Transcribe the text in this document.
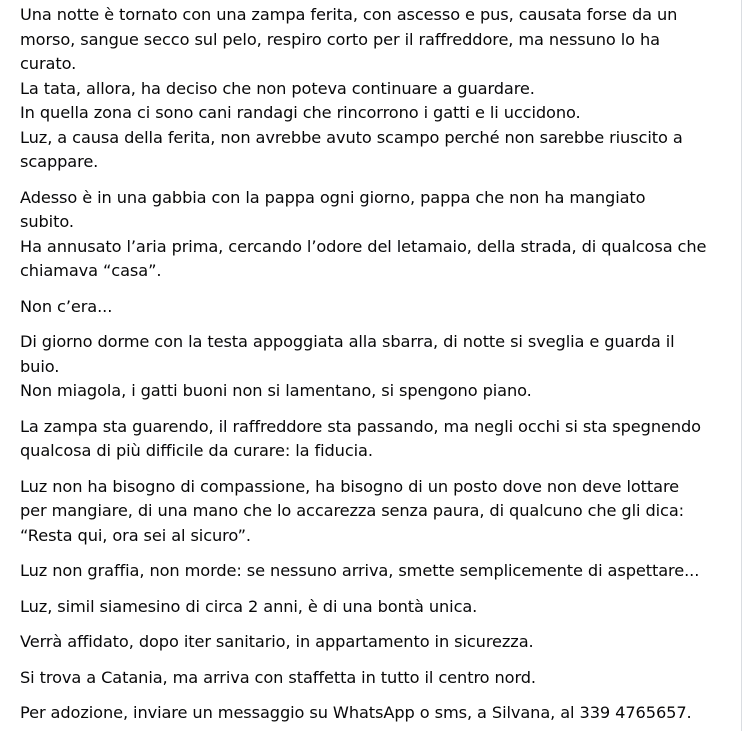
Una notte è tornato con una zampa ferita, con ascesso e pus, causata forse da un
morso, sangue secco sul pelo, respiro corto per il raffreddore, ma nessuno lo ha
curato.
La tata, allora, ha deciso che non poteva continuare a guardare.
In quella zona ci sono cani randagi che rincorrono i gatti e li uccidono.
Luz, a causa della ferita, non avrebbe avuto scampo perché non sarebbe riuscito a
scappare.
Adesso è in una gabbia con la pappa ogni giorno, pappa che non ha mangiato
subito.
Ha annusato l’aria prima, cercando l’odore del letamaio, della strada, di qualcosa che
chiamava “casa”.
Non c’era...
Di giorno dorme con la testa appoggiata alla sbarra, di notte si sveglia e guarda il
buio.
Non miagola, i gatti buoni non si lamentano, si spengono piano.
La zampa sta guarendo, il raffreddore sta passando, ma negli occhi si sta spegnendo
qualcosa di più difficile da curare: la fiducia.
Luz non ha bisogno di compassione, ha bisogno di un posto dove non deve lottare
per mangiare, di una mano che lo accarezza senza paura, di qualcuno che gli dica:
“Resta qui, ora sei al sicuro”.
Luz non graffia, non morde: se nessuno arriva, smette semplicemente di aspettare...
Luz, simil siamesino di circa 2 anni, è di una bontà unica.
Verrà affidato, dopo iter sanitario, in appartamento in sicurezza.
Si trova a Catania, ma arriva con staffetta in tutto il centro nord.
Per adozione, inviare un messaggio su WhatsApp o sms, a Silvana, al 339 4765657.
